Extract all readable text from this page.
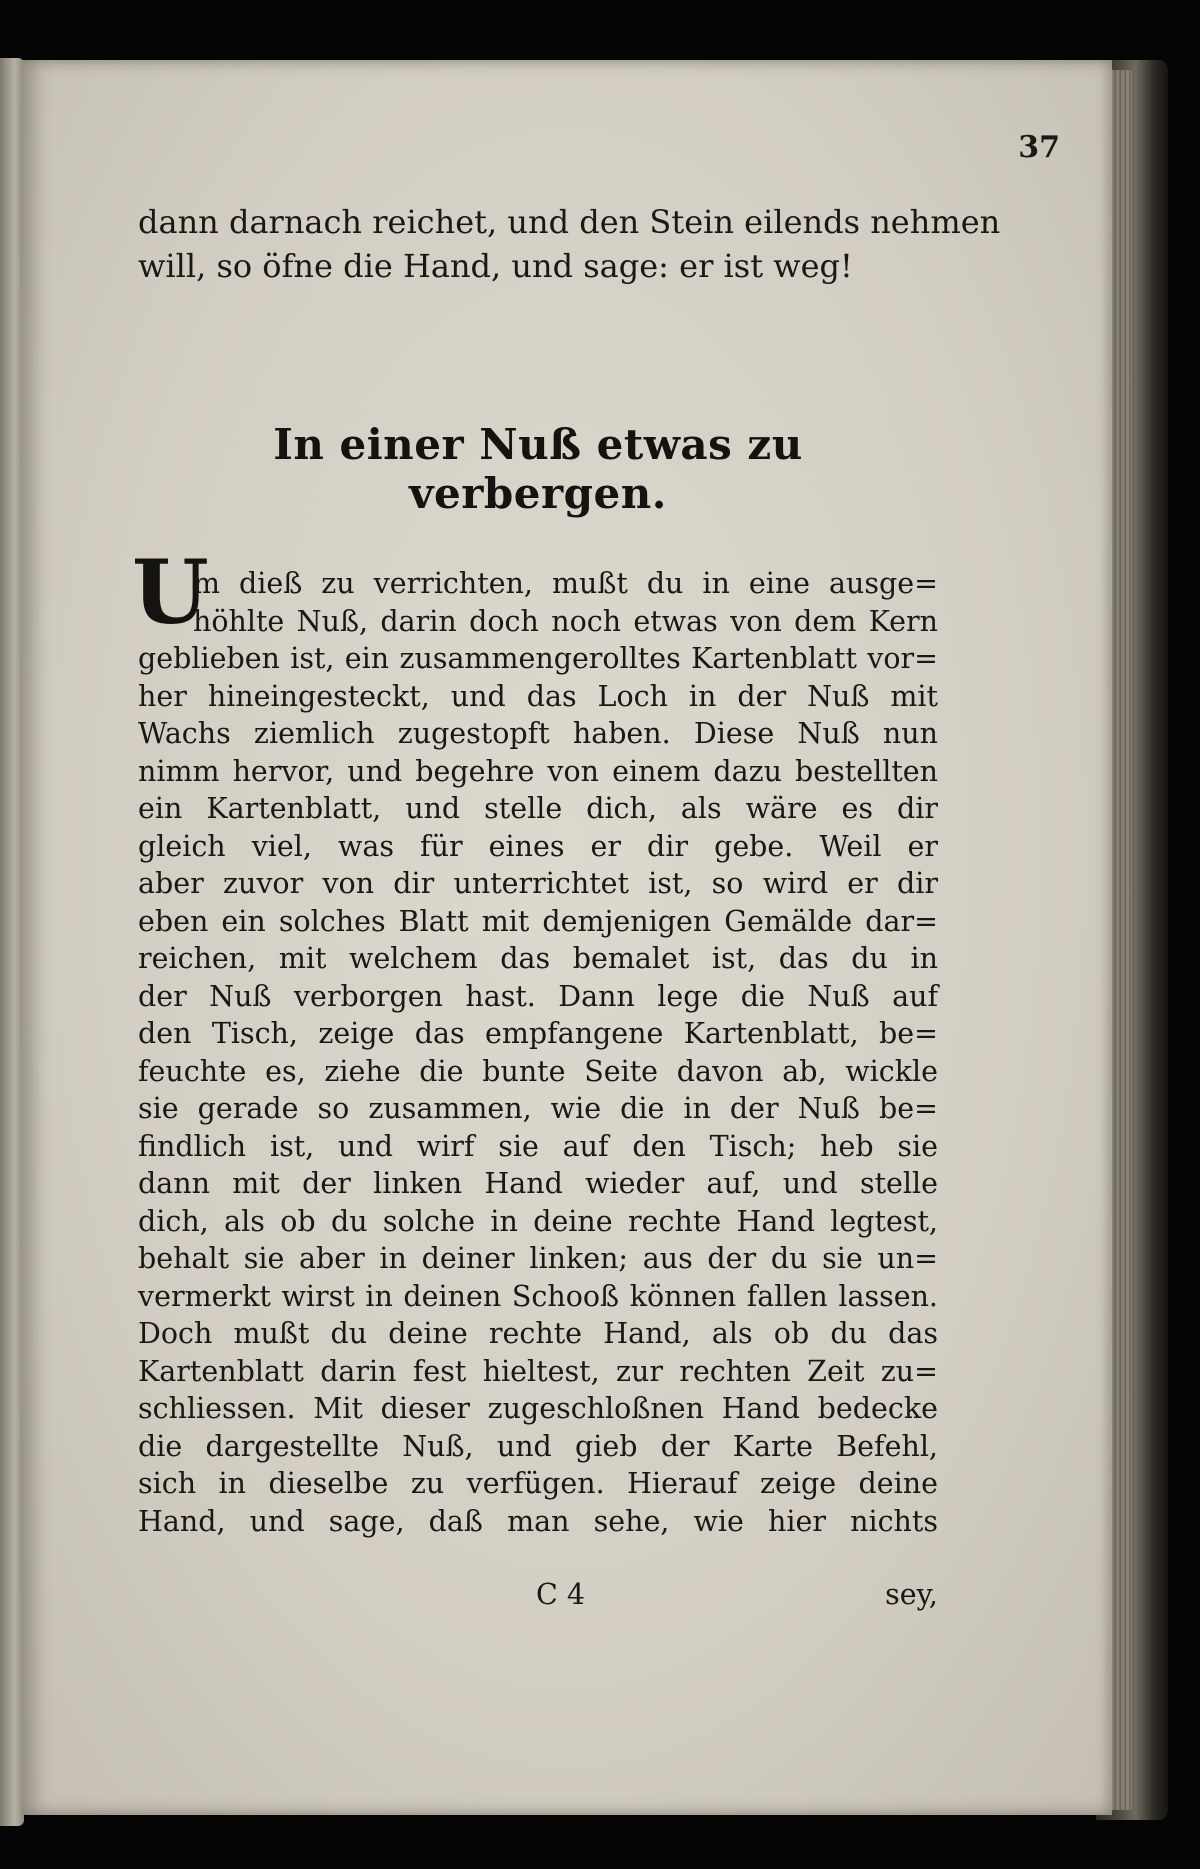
37
dann darnach reichet, und den Stein eilends nehmen
will, so öfne die Hand, und sage: er ist weg!
In einer Nuß etwas zu verbergen.
U
m dieß zu verrichten, mußt du in eine ausge=
höhlte Nuß, darin doch noch etwas von dem Kern
geblieben ist, ein zusammengerolltes Kartenblatt vor=
her hineingesteckt, und das Loch in der Nuß mit
Wachs ziemlich zugestopft haben. Diese Nuß nun
nimm hervor, und begehre von einem dazu bestellten
ein Kartenblatt, und stelle dich, als wäre es dir
gleich viel, was für eines er dir gebe. Weil er
aber zuvor von dir unterrichtet ist, so wird er dir
eben ein solches Blatt mit demjenigen Gemälde dar=
reichen, mit welchem das bemalet ist, das du in
der Nuß verborgen hast. Dann lege die Nuß auf
den Tisch, zeige das empfangene Kartenblatt, be=
feuchte es, ziehe die bunte Seite davon ab, wickle
sie gerade so zusammen, wie die in der Nuß be=
findlich ist, und wirf sie auf den Tisch; heb sie
dann mit der linken Hand wieder auf, und stelle
dich, als ob du solche in deine rechte Hand legtest,
behalt sie aber in deiner linken; aus der du sie un=
vermerkt wirst in deinen Schooß können fallen lassen.
Doch mußt du deine rechte Hand, als ob du das
Kartenblatt darin fest hieltest, zur rechten Zeit zu=
schliessen. Mit dieser zugeschloßnen Hand bedecke
die dargestellte Nuß, und gieb der Karte Befehl,
sich in dieselbe zu verfügen. Hierauf zeige deine
Hand, und sage, daß man sehe, wie hier nichts
C 4	sey,
